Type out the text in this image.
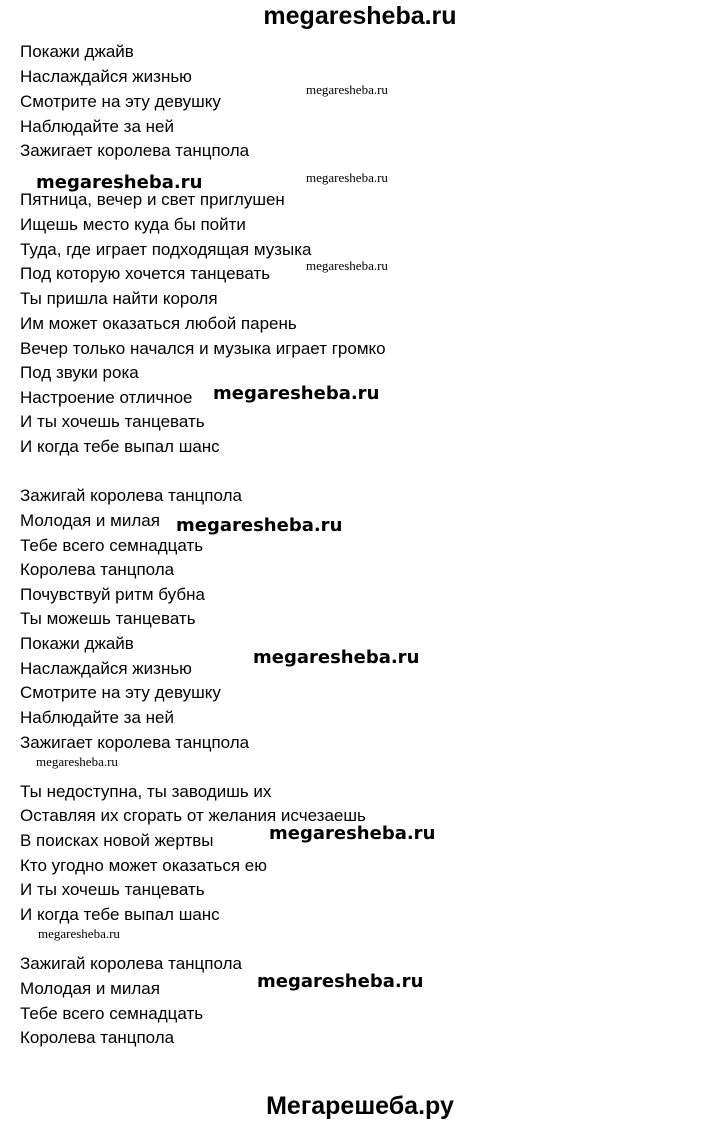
megaresheba.ru
Покажи джайв
Наслаждайся жизнью
Смотрите на эту девушку
Наблюдайте за ней
Зажигает королева танцпола
Пятница, вечер и свет приглушен
Ищешь место куда бы пойти
Туда, где играет подходящая музыка
Под которую хочется танцевать
Ты пришла найти короля
Им может оказаться любой парень
Вечер только начался и музыка играет громко
Под звуки рока
Настроение отличное
И ты хочешь танцевать
И когда тебе выпал шанс
Зажигай королева танцпола
Молодая и милая
Тебе всего семнадцать
Королева танцпола
Почувствуй ритм бубна
Ты можешь танцевать
Покажи джайв
Наслаждайся жизнью
Смотрите на эту девушку
Наблюдайте за ней
Зажигает королева танцпола
Ты недоступна, ты заводишь их
Оставляя их сгорать от желания исчезаешь
В поисках новой жертвы
Кто угодно может оказаться ею
И ты хочешь танцевать
И когда тебе выпал шанс
Зажигай королева танцпола
Молодая и милая
Тебе всего семнадцать
Королева танцпола
megaresheba.ru
megaresheba.ru	megaresheba.ru
megaresheba.ru
megaresheba.ru
megaresheba.ru
megaresheba.ru
megaresheba.ru
megaresheba.ru
megaresheba.ru
megaresheba.ru
Мегарешеба.ру
